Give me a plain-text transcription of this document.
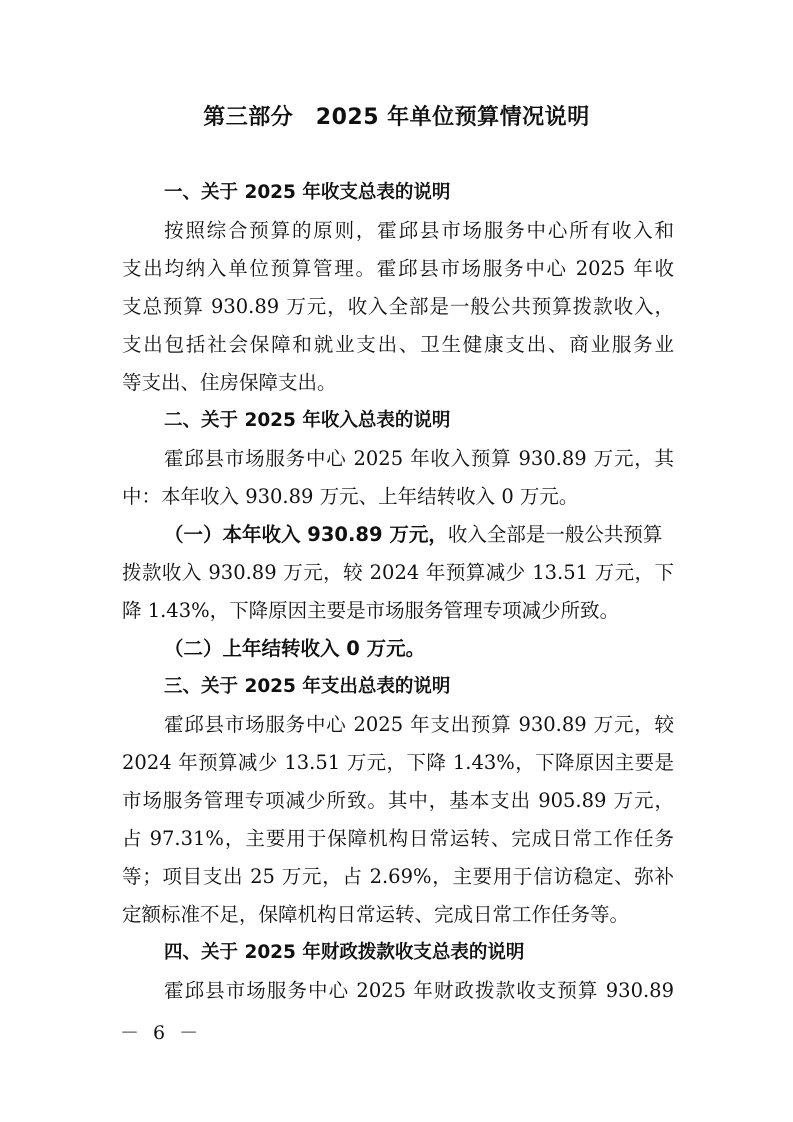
第三部分　2025 年单位预算情况说明
一、关于 2025 年收支总表的说明
按照综合预算的原则，霍邱县市场服务中心所有收入和
支出均纳入单位预算管理。霍邱县市场服务中心 2025 年收
支总预算 930.89 万元，收入全部是一般公共预算拨款收入，
支出包括社会保障和就业支出、卫生健康支出、商业服务业
等支出、住房保障支出。
二、关于 2025 年收入总表的说明
霍邱县市场服务中心 2025 年收入预算 930.89 万元，其
中：本年收入 930.89 万元、上年结转收入 0 万元。
（一）本年收入 930.89 万元，收入全部是一般公共预算
拨款收入 930.89 万元，较 2024 年预算减少 13.51 万元，下
降 1.43%，下降原因主要是市场服务管理专项减少所致。
（二）上年结转收入 0 万元。
三、关于 2025 年支出总表的说明
霍邱县市场服务中心 2025 年支出预算 930.89 万元，较
2024 年预算减少 13.51 万元，下降 1.43%，下降原因主要是
市场服务管理专项减少所致。其中，基本支出 905.89 万元，
占 97.31%，主要用于保障机构日常运转、完成日常工作任务
等；项目支出 25 万元，占 2.69%，主要用于信访稳定、弥补
定额标准不足，保障机构日常运转、完成日常工作任务等。
四、关于 2025 年财政拨款收支总表的说明
霍邱县市场服务中心 2025 年财政拨款收支预算 930.89
－ 6 －
